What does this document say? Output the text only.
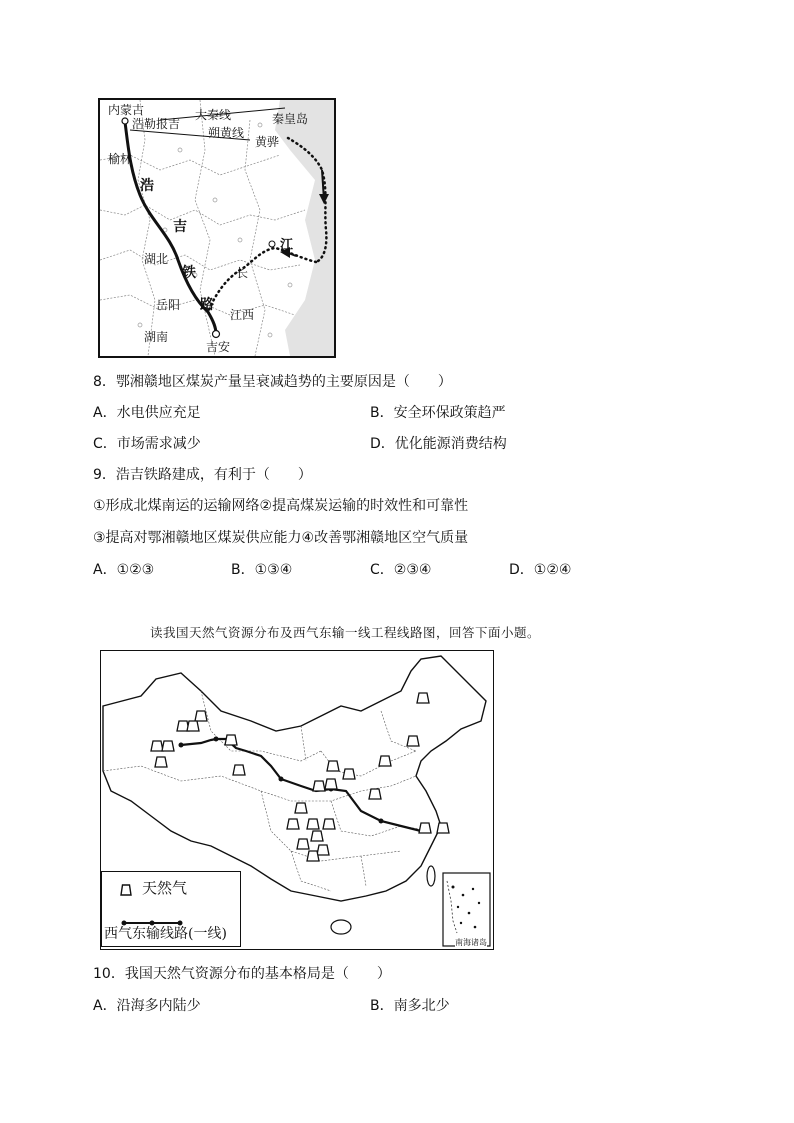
内蒙古
浩勒报吉
大秦线
朔黄线
秦皇岛
黄骅
榆林
浩
吉
铁
路
湖北
岳阳
湖南
江西
吉安
长
江
8．鄂湘赣地区煤炭产量呈衰减趋势的主要原因是（　　）
A．水电供应充足	B．安全环保政策趋严
C．市场需求减少	D．优化能源消费结构
9．浩吉铁路建成，有利于（　　）
①形成北煤南运的运输网络②提高煤炭运输的时效性和可靠性
③提高对鄂湘赣地区煤炭供应能力④改善鄂湘赣地区空气质量
A．①②③	B．①③④	C．②③④	D．①②④
读我国天然气资源分布及西气东输一线工程线路图，回答下面小题。
天然气
西气东输线路(一线)
南海诸岛
10．我国天然气资源分布的基本格局是（　　）
A．沿海多内陆少	B．南多北少
